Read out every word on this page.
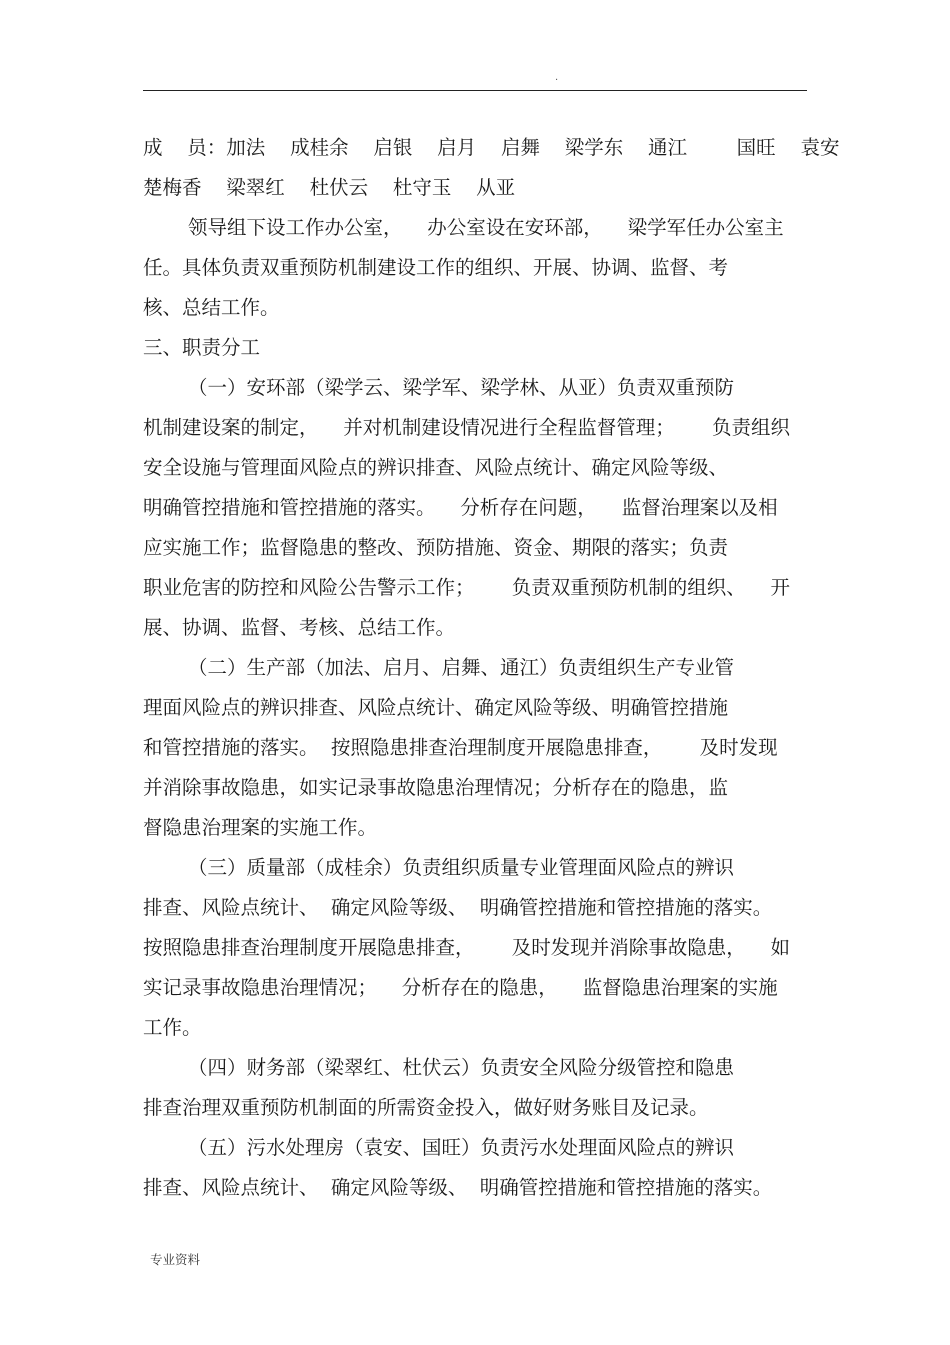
.
成    员：加法    成桂余    启银    启月    启舞    梁学东    通江        国旺    袁安
楚梅香    梁翠红    杜伏云    杜守玉    从亚
领导组下设工作办公室，    办公室设在安环部，    梁学军任办公室主
任。具体负责双重预防机制建设工作的组织、开展、协调、监督、考
核、总结工作。
三、职责分工
（一）安环部（梁学云、梁学军、梁学林、从亚）负责双重预防
机制建设案的制定，    并对机制建设情况进行全程监督管理；      负责组织
安全设施与管理面风险点的辨识排查、风险点统计、确定风险等级、
明确管控措施和管控措施的落实。    分析存在问题，    监督治理案以及相
应实施工作；监督隐患的整改、预防措施、资金、期限的落实；负责
职业危害的防控和风险公告警示工作；      负责双重预防机制的组织、    开
展、协调、监督、考核、总结工作。
（二）生产部（加法、启月、启舞、通江）负责组织生产专业管
理面风险点的辨识排查、风险点统计、确定风险等级、明确管控措施
和管控措施的落实。  按照隐患排查治理制度开展隐患排查，      及时发现
并消除事故隐患，如实记录事故隐患治理情况；分析存在的隐患，监
督隐患治理案的实施工作。
（三）质量部（成桂余）负责组织质量专业管理面风险点的辨识
排查、风险点统计、  确定风险等级、  明确管控措施和管控措施的落实。
按照隐患排查治理制度开展隐患排查，      及时发现并消除事故隐患，    如
实记录事故隐患治理情况；    分析存在的隐患，    监督隐患治理案的实施
工作。
（四）财务部（梁翠红、杜伏云）负责安全风险分级管控和隐患
排查治理双重预防机制面的所需资金投入，做好财务账目及记录。
（五）污水处理房（袁安、国旺）负责污水处理面风险点的辨识
排查、风险点统计、  确定风险等级、  明确管控措施和管控措施的落实。
专业资料
